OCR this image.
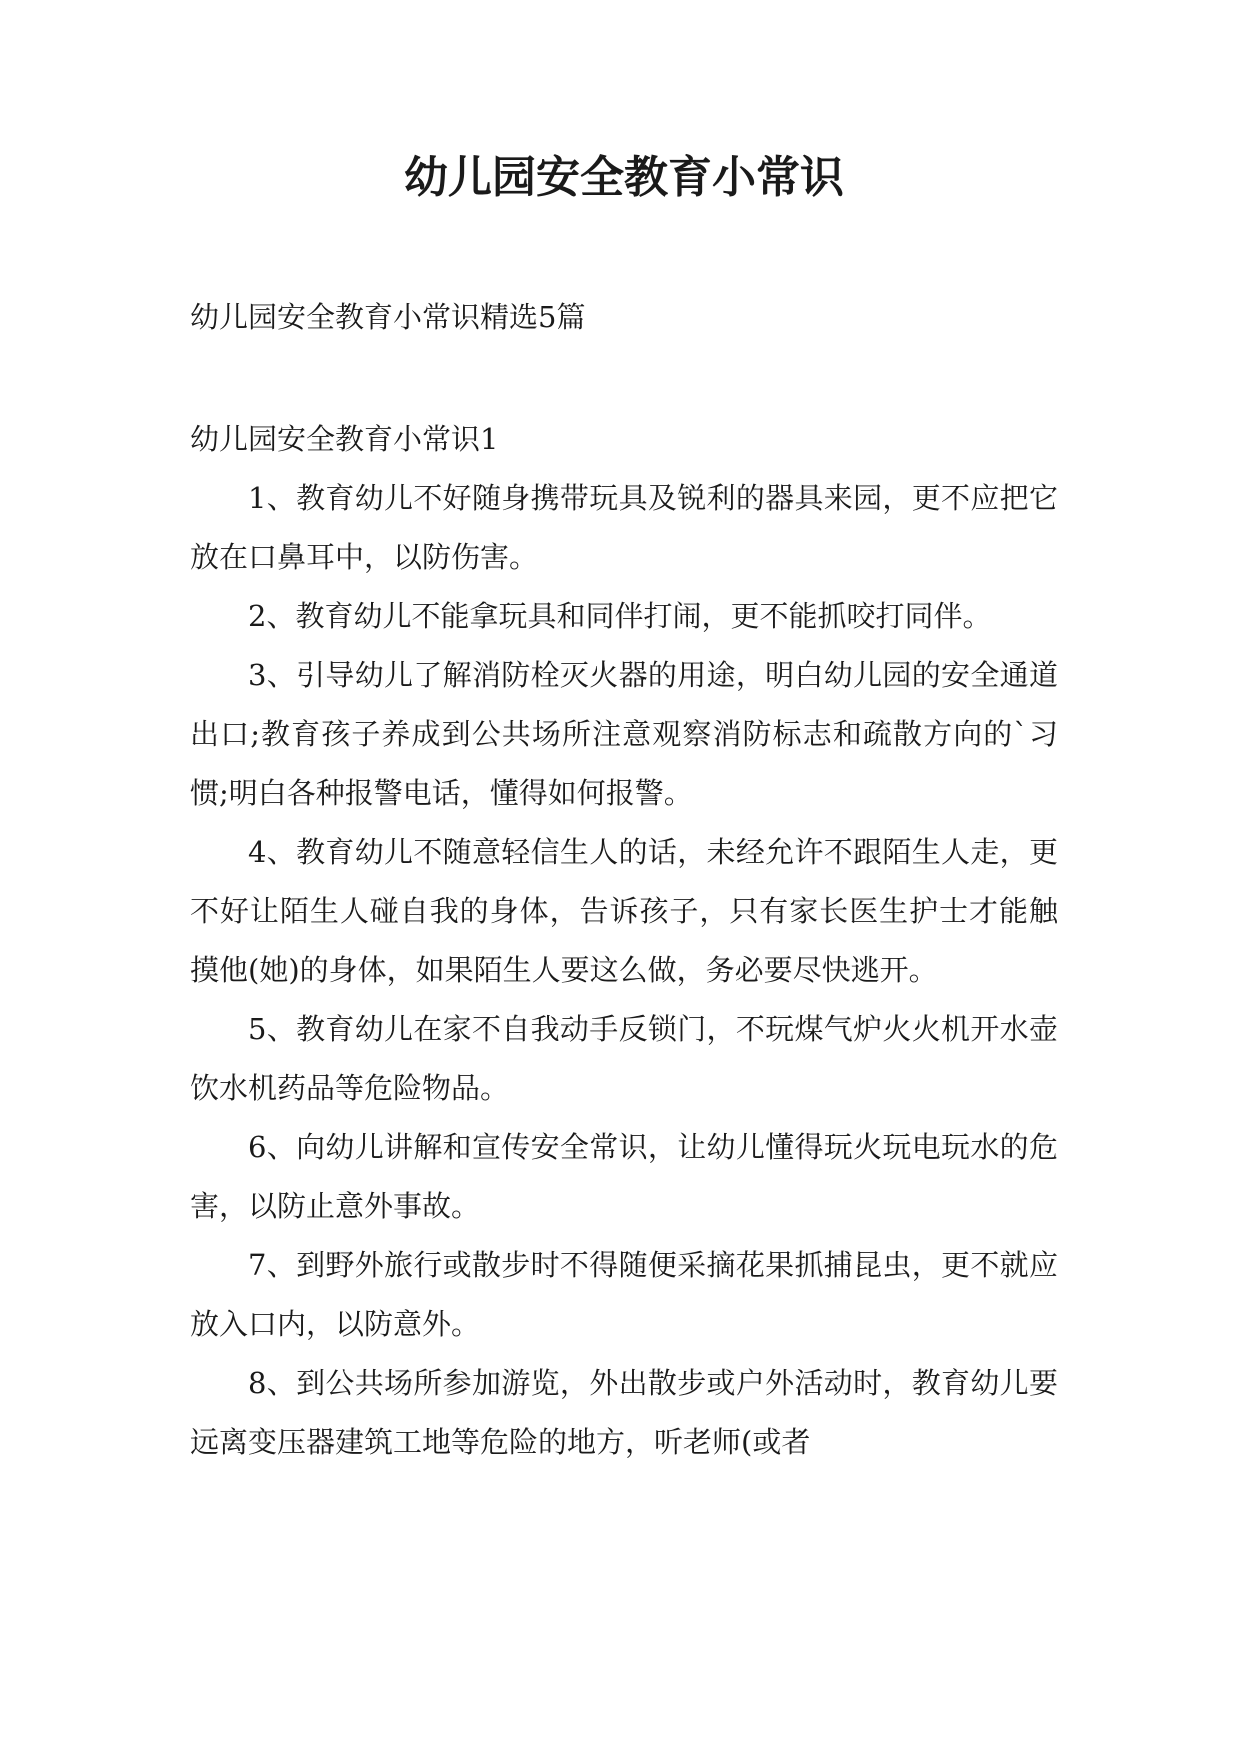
幼儿园安全教育小常识

幼儿园安全教育小常识精选5篇

幼儿园安全教育小常识1

1、教育幼儿不好随身携带玩具及锐利的器具来园，更不应把它放在口鼻耳中，以防伤害。

2、教育幼儿不能拿玩具和同伴打闹，更不能抓咬打同伴。

3、引导幼儿了解消防栓灭火器的用途，明白幼儿园的安全通道出口;教育孩子养成到公共场所注意观察消防标志和疏散方向的`习惯;明白各种报警电话，懂得如何报警。

4、教育幼儿不随意轻信生人的话，未经允许不跟陌生人走，更不好让陌生人碰自我的身体，告诉孩子，只有家长医生护士才能触摸他(她)的身体，如果陌生人要这么做，务必要尽快逃开。

5、教育幼儿在家不自我动手反锁门，不玩煤气炉火火机开水壶饮水机药品等危险物品。

6、向幼儿讲解和宣传安全常识，让幼儿懂得玩火玩电玩水的危害，以防止意外事故。

7、到野外旅行或散步时不得随便采摘花果抓捕昆虫，更不就应放入口内，以防意外。

8、到公共场所参加游览，外出散步或户外活动时，教育幼儿要远离变压器建筑工地等危险的地方，听老师(或者
